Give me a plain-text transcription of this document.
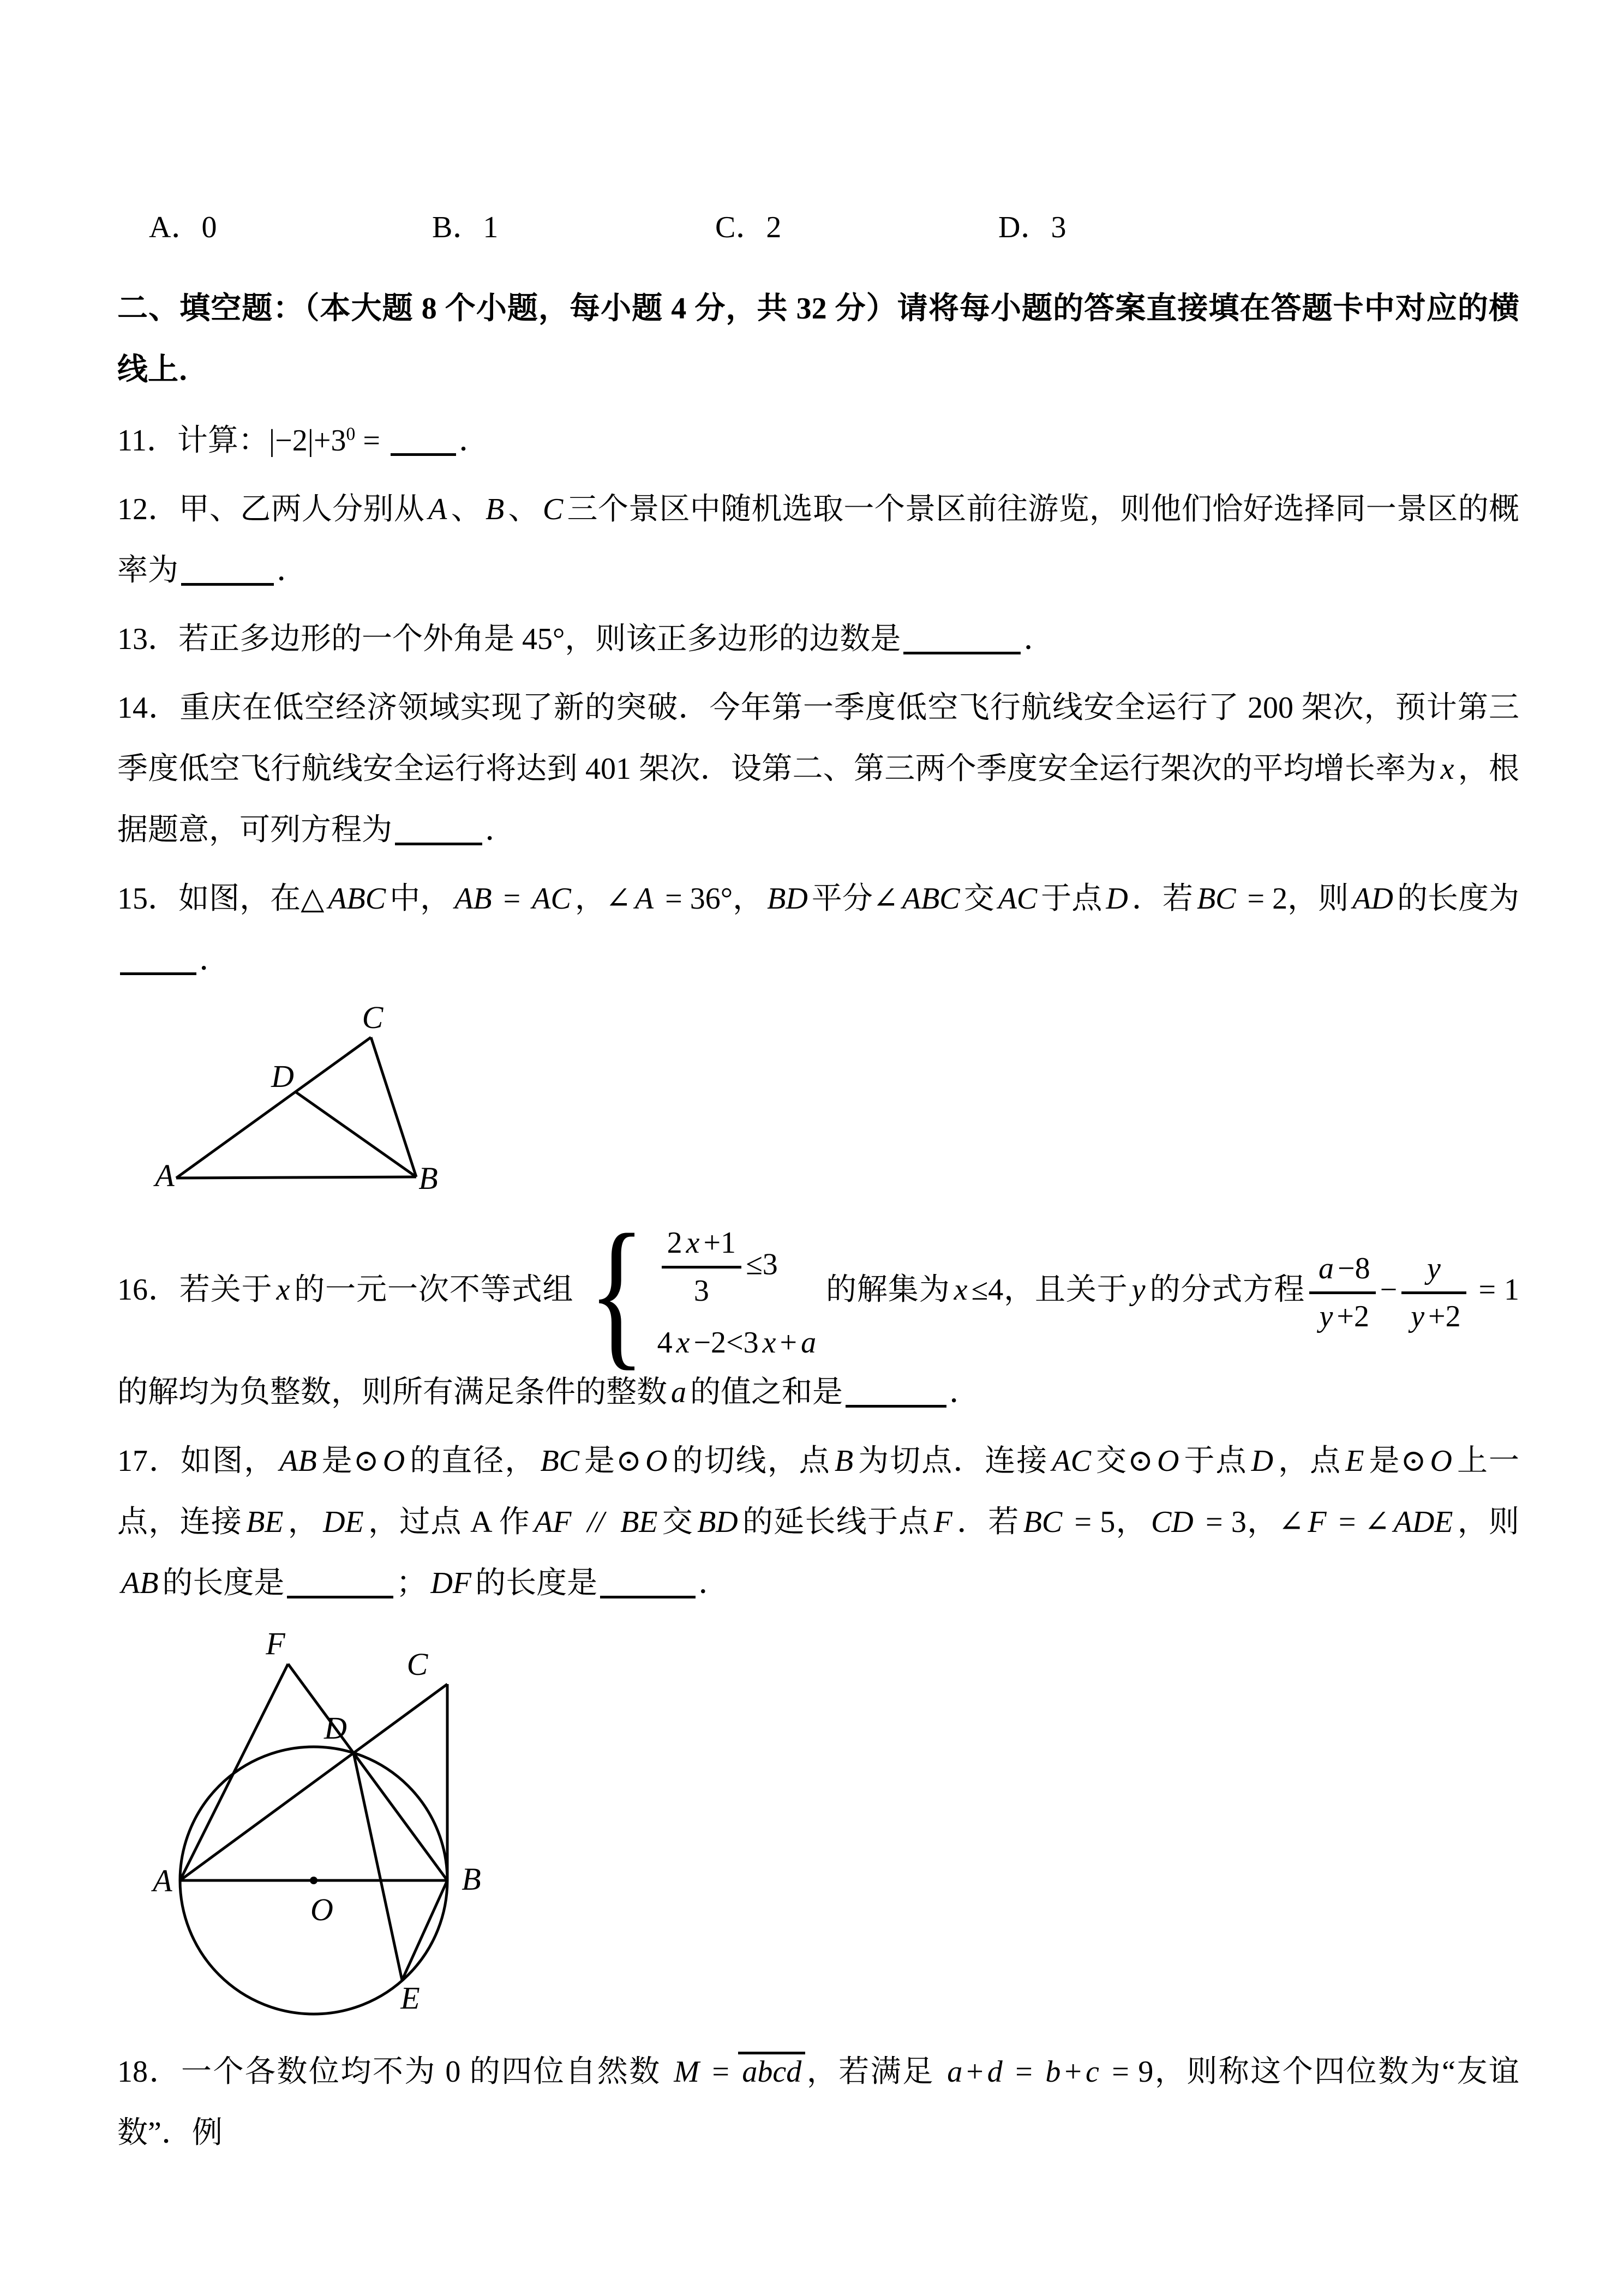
A．0	B．1	C．2	D．3

二、填空题：（本大题 8 个小题，每小题 4 分，共 32 分）请将每小题的答案直接填在答题卡中对应的横线上．

11．计算：$|-2|+3^0$ = ．

12．甲、乙两人分别从 A 、 B 、 C 三个景区中随机选取一个景区前往游览，则他们恰好选择同一景区的概率为	．

13．若正多边形的一个外角是 45°，则该正多边形的边数是	．

14．重庆在低空经济领域实现了新的突破．今年第一季度低空飞行航线安全运行了 200 架次，预计第三季度低空飞行航线安全运行将达到 401 架次．设第二、第三两个季度安全运行架次的平均增长率为 x ，根据题意，可列方程为	．

15．如图，在△ ABC 中， AB = AC ，∠ A = 36°， BD 平分∠ ABC 交 AC 于点 D ．若 BC = 2，则 AD 的长度为．

A	B
C
D

16．若关于 x 的一元一次不等式组 { $\frac{2 x +1}{3} \le 3$
4 x −2<3 x + a
的解集为 x ≤4，且关于 y 的分式方程 $\frac{a -8}{y +2} - \frac{y}{y +2} = 1$的解均为负整数，则所有满足条件的整数 a 的值之和是	．

17．如图， AB 是⊙ O 的直径， BC 是⊙ O 的切线，点 B 为切点．连接 AC 交⊙ O 于点 D ，点 E 是⊙ O 上一点，连接 BE ， DE ，过点 A 作 AF // BE 交 BD 的延长线于点 F ．若 BC = 5， CD = 3，∠ F = ∠ ADE ，则AB 的长度是	； DF 的长度是	．

A	B
C
D
E
F
O

18．一个各数位均不为 0 的四位自然数 M = abcd ，若满足 a + d = b + c = 9，则称这个四位数为“友谊数”．例
